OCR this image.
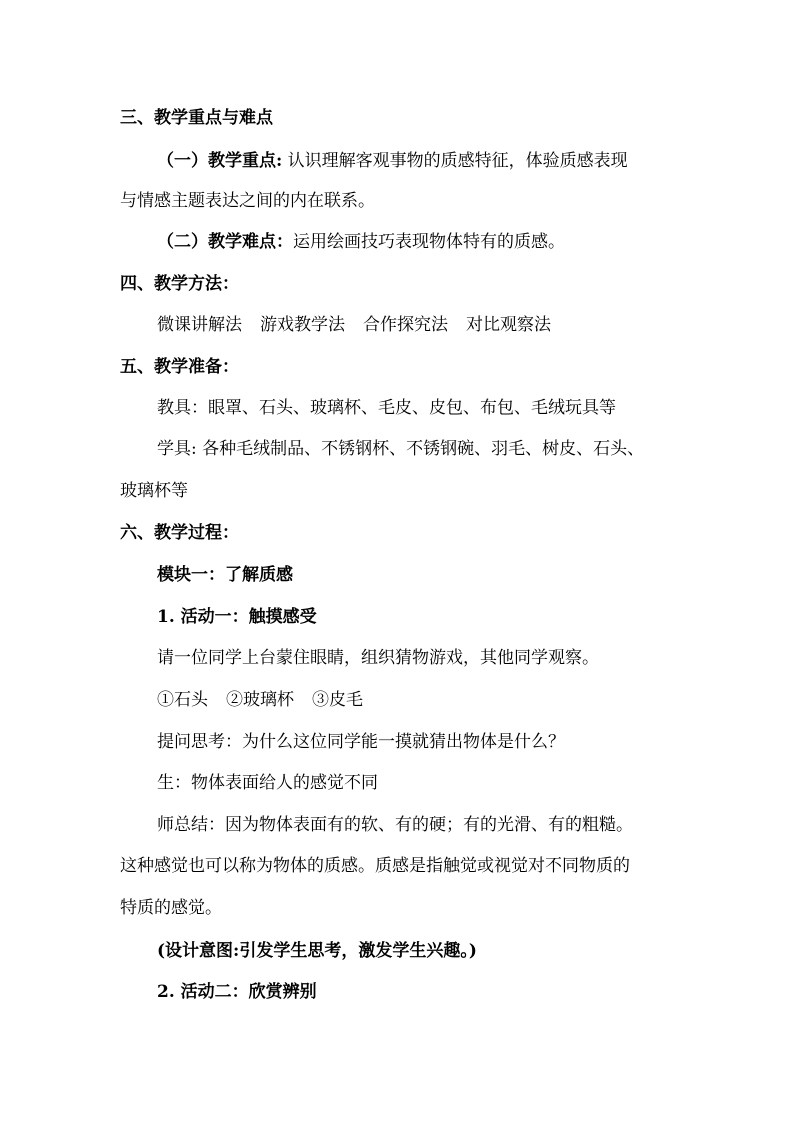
三、教学重点与难点
（一）教学重点: 认识理解客观事物的质感特征，体验质感表现
与情感主题表达之间的内在联系。
（二）教学难点：运用绘画技巧表现物体特有的质感。
四、教学方法：
微课讲解法 游戏教学法 合作探究法 对比观察法
五、教学准备：
教具：眼罩、石头、玻璃杯、毛皮、皮包、布包、毛绒玩具等
学具: 各种毛绒制品、不锈钢杯、不锈钢碗、羽毛、树皮、石头、
玻璃杯等
六、教学过程：
模块一：了解质感
1. 活动一：触摸感受
请一位同学上台蒙住眼睛，组织猜物游戏，其他同学观察。
①石头 ②玻璃杯 ③皮毛
提问思考：为什么这位同学能一摸就猜出物体是什么？
生：物体表面给人的感觉不同
师总结：因为物体表面有的软、有的硬；有的光滑、有的粗糙。
这种感觉也可以称为物体的质感。质感是指触觉或视觉对不同物质的
特质的感觉。
(设计意图:引发学生思考，激发学生兴趣。)
2. 活动二：欣赏辨别
